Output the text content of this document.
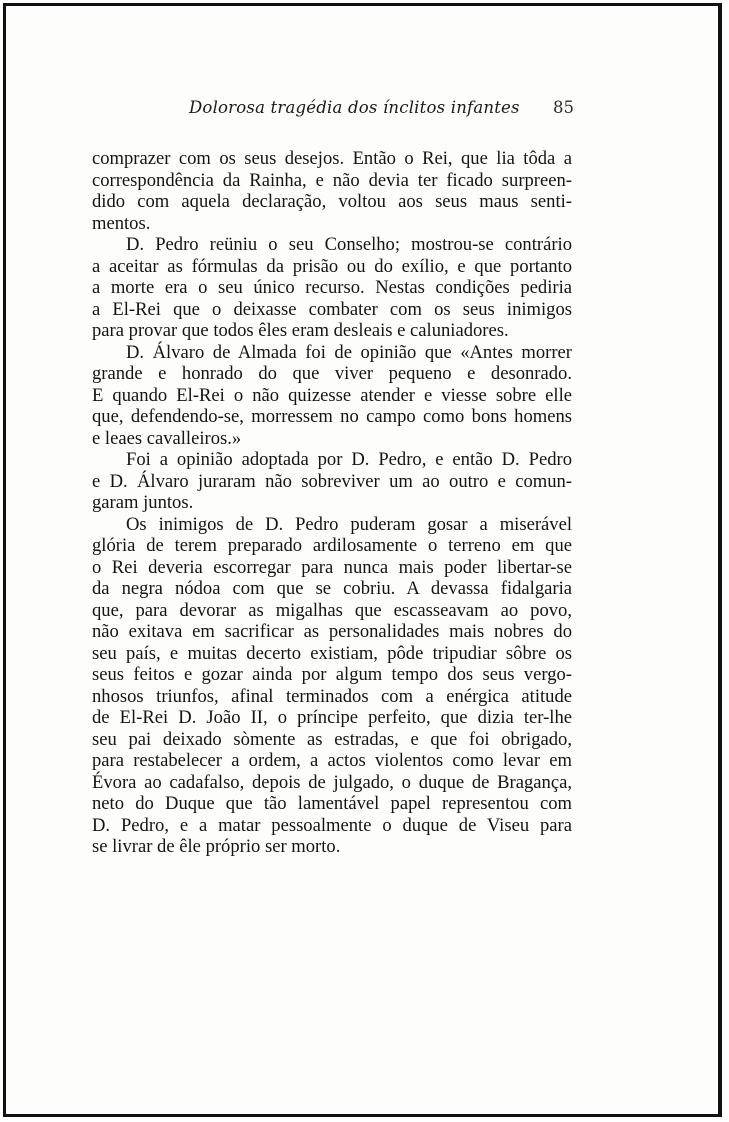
Dolorosa tragédia dos ínclitos infantes 85

comprazer com os seus desejos. Então o Rei, que lia tôda a
correspondência da Rainha, e não devia ter ficado surpreen-
dido com aquela declaração, voltou aos seus maus senti-
mentos.

D. Pedro reüniu o seu Conselho; mostrou-se contrário
a aceitar as fórmulas da prisão ou do exílio, e que portanto
a morte era o seu único recurso. Nestas condições pediria
a El-Rei que o deixasse combater com os seus inimigos
para provar que todos êles eram desleais e caluniadores.

D. Álvaro de Almada foi de opinião que «Antes morrer
grande e honrado do que viver pequeno e desonrado.
E quando El-Rei o não quizesse atender e viesse sobre elle
que, defendendo-se, morressem no campo como bons homens
e leaes cavalleiros.»

Foi a opinião adoptada por D. Pedro, e então D. Pedro
e D. Álvaro juraram não sobreviver um ao outro e comun-
garam juntos.

Os inimigos de D. Pedro puderam gosar a miserável
glória de terem preparado ardilosamente o terreno em que
o Rei deveria escorregar para nunca mais poder libertar-se
da negra nódoa com que se cobriu. A devassa fidalgaria
que, para devorar as migalhas que escasseavam ao povo,
não exitava em sacrificar as personalidades mais nobres do
seu país, e muitas decerto existiam, pôde tripudiar sôbre os
seus feitos e gozar ainda por algum tempo dos seus vergo-
nhosos triunfos, afinal terminados com a enérgica atitude
de El-Rei D. João II, o príncipe perfeito, que dizia ter-lhe
seu pai deixado sòmente as estradas, e que foi obrigado,
para restabelecer a ordem, a actos violentos como levar em
Évora ao cadafalso, depois de julgado, o duque de Bragança,
neto do Duque que tão lamentável papel representou com
D. Pedro, e a matar pessoalmente o duque de Viseu para
se livrar de êle próprio ser morto.
